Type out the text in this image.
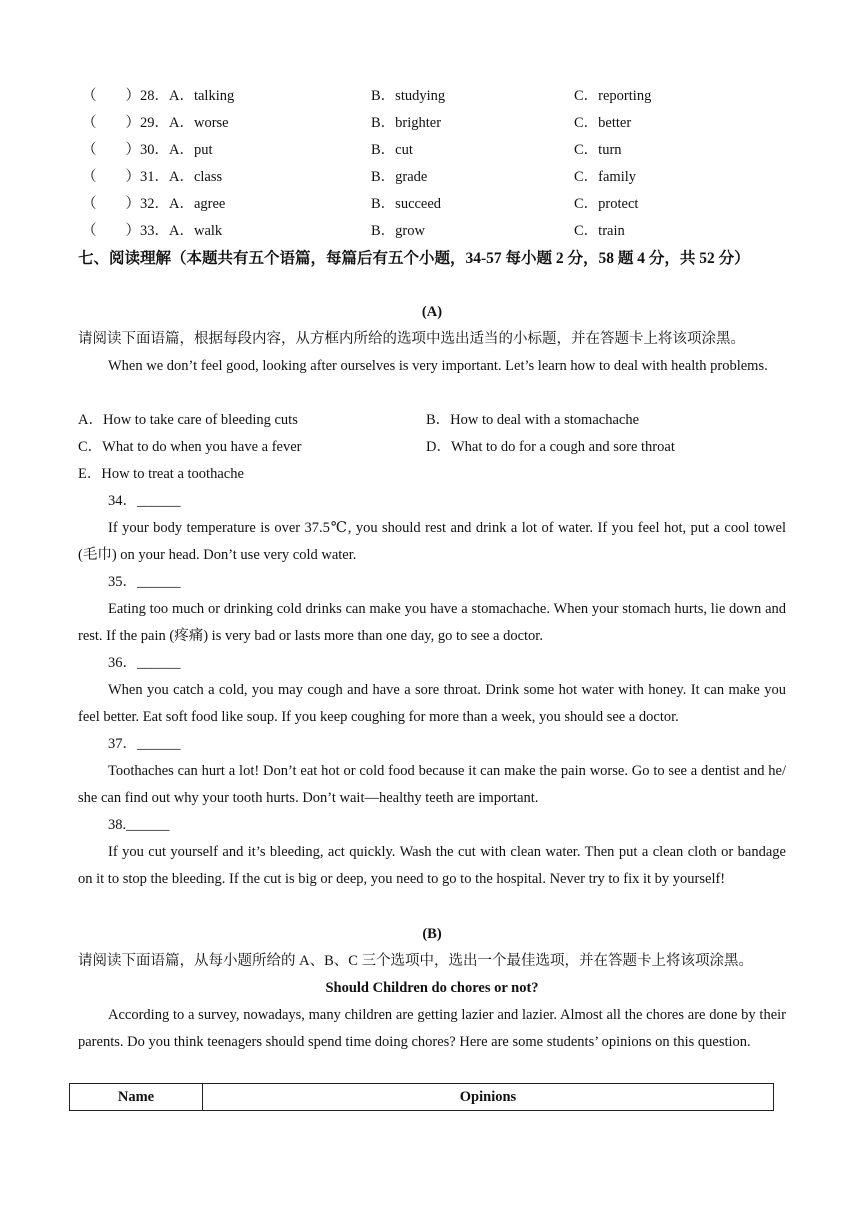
（　　）28．A．talking	B．studying	C．reporting
（　　）29．A．worse	B．brighter	C．better
（　　）30．A．put	B．cut	C．turn
（　　）31．A．class	B．grade	C．family
（　　）32．A．agree	B．succeed	C．protect
（　　）33．A．walk	B．grow	C．train
七、阅读理解（本题共有五个语篇，每篇后有五个小题，34-57 每小题 2 分，58 题 4 分，共 52 分）
(A)
请阅读下面语篇，根据每段内容，从方框内所给的选项中选出适当的小标题，并在答题卡上将该项涂黑。
When we don’t feel good, looking after ourselves is very important. Let’s learn how to deal with health problems.
A．How to take care of bleeding cuts	B．How to deal with a stomachache
C．What to do when you have a fever	D．What to do for a cough and sore throat
E．How to treat a toothache
34．______
If your body temperature is over 37.5℃, you should rest and drink a lot of water. If you feel hot, put a cool towel (毛巾) on your head. Don’t use very cold water.
35．______
Eating too much or drinking cold drinks can make you have a stomachache. When your stomach hurts, lie down and rest. If the pain (疼痛) is very bad or lasts more than one day, go to see a doctor.
36．______
When you catch a cold, you may cough and have a sore throat. Drink some hot water with honey. It can make you feel better. Eat soft food like soup. If you keep coughing for more than a week, you should see a doctor.
37．______
Toothaches can hurt a lot! Don’t eat hot or cold food because it can make the pain worse. Go to see a dentist and he/ she can find out why your tooth hurts. Don’t wait—healthy teeth are important.
38.______
If you cut yourself and it’s bleeding, act quickly. Wash the cut with clean water. Then put a clean cloth or bandage on it to stop the bleeding. If the cut is big or deep, you need to go to the hospital. Never try to fix it by yourself!
(B)
请阅读下面语篇，从每小题所给的 A、B、C 三个选项中，选出一个最佳选项，并在答题卡上将该项涂黑。
Should Children do chores or not?
According to a survey, nowadays, many children are getting lazier and lazier. Almost all the chores are done by their parents. Do you think teenagers should spend time doing chores? Here are some students’ opinions on this question.
Name	Opinions
